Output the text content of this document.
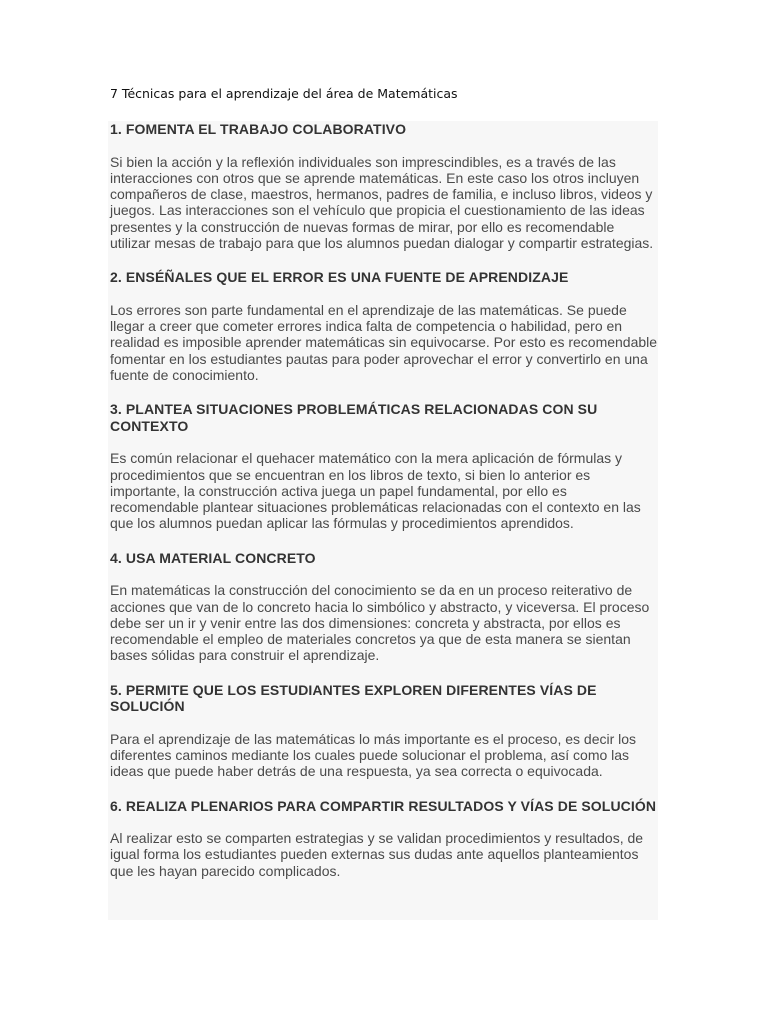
7 Técnicas para el aprendizaje del área de Matemáticas
1. FOMENTA EL TRABAJO COLABORATIVO

Si bien la acción y la reflexión individuales son imprescindibles, es a través de las interacciones con otros que se aprende matemáticas. En este caso los otros incluyen compañeros de clase, maestros, hermanos, padres de familia, e incluso libros, videos y juegos. Las interacciones son el vehículo que propicia el cuestionamiento de las ideas presentes y la construcción de nuevas formas de mirar, por ello es recomendable utilizar mesas de trabajo para que los alumnos puedan dialogar y compartir estrategias.

2. ENSÉÑALES QUE EL ERROR ES UNA FUENTE DE APRENDIZAJE

Los errores son parte fundamental en el aprendizaje de las matemáticas. Se puede llegar a creer que cometer errores indica falta de competencia o habilidad, pero en realidad es imposible aprender matemáticas sin equivocarse. Por esto es recomendable fomentar en los estudiantes pautas para poder aprovechar el error y convertirlo en una fuente de conocimiento.

3. PLANTEA SITUACIONES PROBLEMÁTICAS RELACIONADAS CON SU CONTEXTO

Es común relacionar el quehacer matemático con la mera aplicación de fórmulas y procedimientos que se encuentran en los libros de texto, si bien lo anterior es importante, la construcción activa juega un papel fundamental, por ello es recomendable plantear situaciones problemáticas relacionadas con el contexto en las que los alumnos puedan aplicar las fórmulas y procedimientos aprendidos.

4. USA MATERIAL CONCRETO

En matemáticas la construcción del conocimiento se da en un proceso reiterativo de acciones que van de lo concreto hacia lo simbólico y abstracto, y viceversa. El proceso debe ser un ir y venir entre las dos dimensiones: concreta y abstracta, por ellos es recomendable el empleo de materiales concretos ya que de esta manera se sientan bases sólidas para construir el aprendizaje.

5. PERMITE QUE LOS ESTUDIANTES EXPLOREN DIFERENTES VÍAS DE SOLUCIÓN

Para el aprendizaje de las matemáticas lo más importante es el proceso, es decir los diferentes caminos mediante los cuales puede solucionar el problema, así como las ideas que puede haber detrás de una respuesta, ya sea correcta o equivocada.

6. REALIZA PLENARIOS PARA COMPARTIR RESULTADOS Y VÍAS DE SOLUCIÓN

Al realizar esto se comparten estrategias y se validan procedimientos y resultados, de igual forma los estudiantes pueden externas sus dudas ante aquellos planteamientos que les hayan parecido complicados.
